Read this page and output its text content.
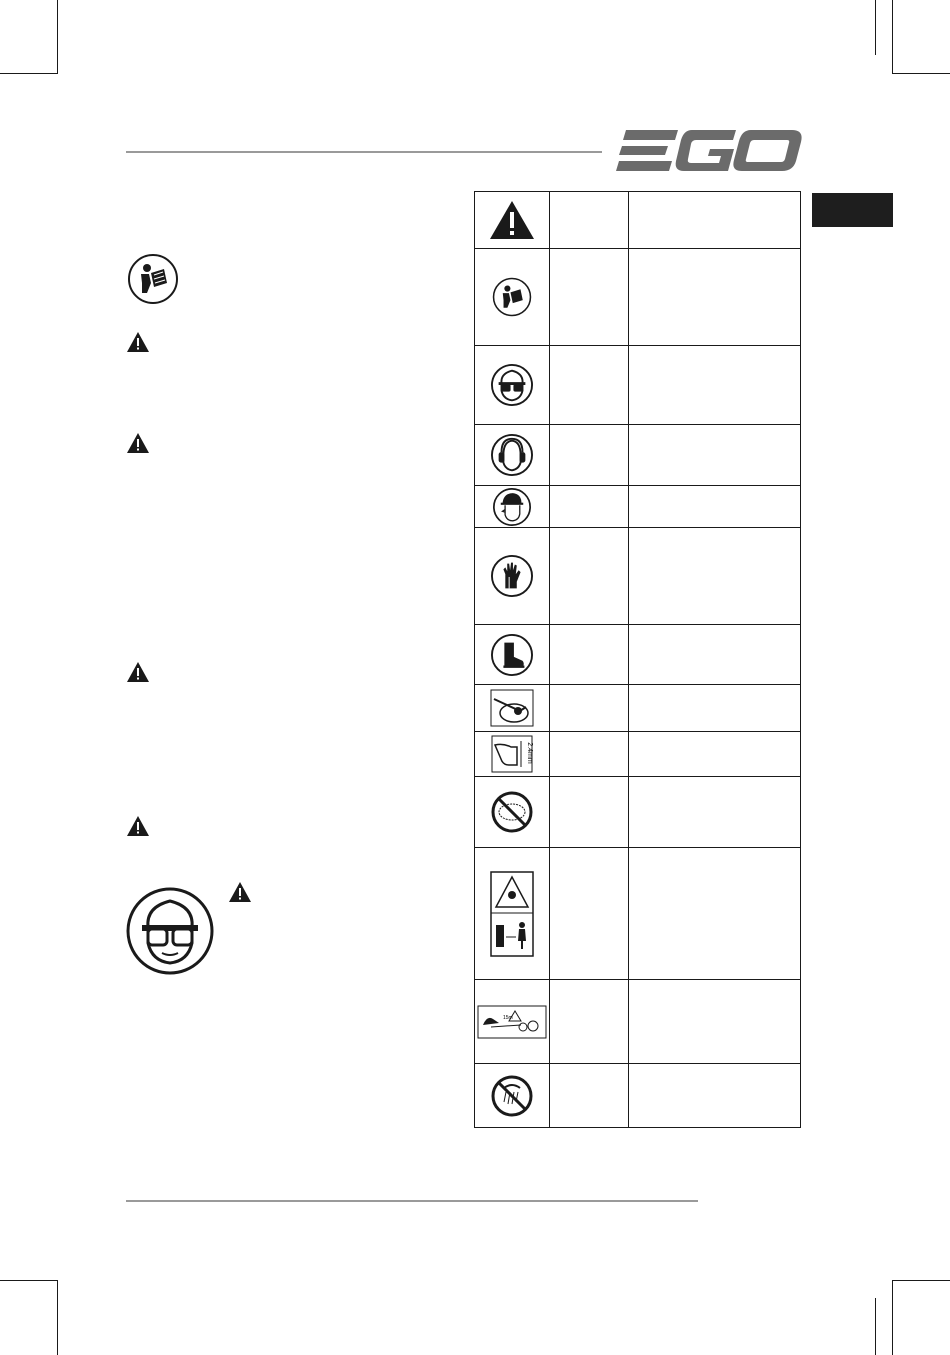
2.4mm		

15m		
